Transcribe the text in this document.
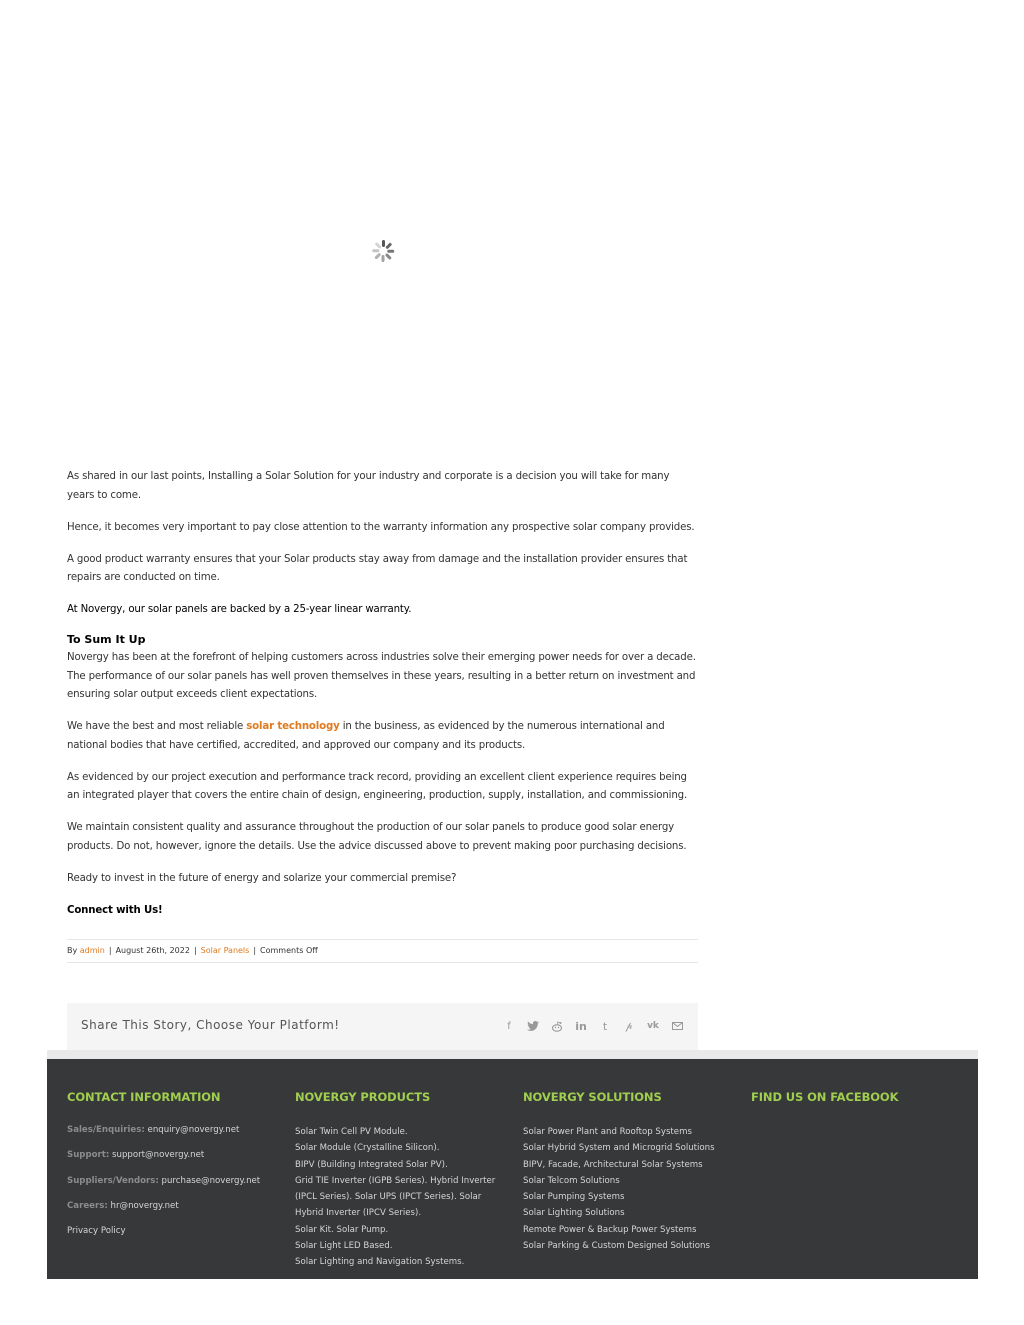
As shared in our last points, Installing a Solar Solution for your industry and corporate is a decision you will take for many years to come.

Hence, it becomes very important to pay close attention to the warranty information any prospective solar company provides.

A good product warranty ensures that your Solar products stay away from damage and the installation provider ensures that repairs are conducted on time.

At Novergy, our solar panels are backed by a 25-year linear warranty.

To Sum It Up

Novergy has been at the forefront of helping customers across industries solve their emerging power needs for over a decade. The performance of our solar panels has well proven themselves in these years, resulting in a better return on investment and ensuring solar output exceeds client expectations.

We have the best and most reliable solar technology in the business, as evidenced by the numerous international and national bodies that have certified, accredited, and approved our company and its products.

As evidenced by our project execution and performance track record, providing an excellent client experience requires being an integrated player that covers the entire chain of design, engineering, production, supply, installation, and commissioning.

We maintain consistent quality and assurance throughout the production of our solar panels to produce good solar energy products. Do not, however, ignore the details. Use the advice discussed above to prevent making poor purchasing decisions.

Ready to invest in the future of energy and solarize your commercial premise?

Connect with Us!

By admin | August 26th, 2022 | Solar Panels | Comments Off
Share This Story, Choose Your Platform!	f	in	t	𝓅	vk
CONTACT INFORMATION
Sales/Enquiries: enquiry@novergy.net
Support: support@novergy.net
Suppliers/Vendors: purchase@novergy.net
Careers: hr@novergy.net
Privacy Policy
NOVERGY PRODUCTS
Solar Twin Cell PV Module.
Solar Module (Crystalline Silicon).
BIPV (Building Integrated Solar PV).
Grid TIE Inverter (IGPB Series). Hybrid Inverter
(IPCL Series). Solar UPS (IPCT Series). Solar
Hybrid Inverter (IPCV Series).
Solar Kit. Solar Pump.
Solar Light LED Based.
Solar Lighting and Navigation Systems.
NOVERGY SOLUTIONS
Solar Power Plant and Rooftop Systems
Solar Hybrid System and Microgrid Solutions
BIPV, Facade, Architectural Solar Systems
Solar Telcom Solutions
Solar Pumping Systems
Solar Lighting Solutions
Remote Power & Backup Power Systems
Solar Parking & Custom Designed Solutions
FIND US ON FACEBOOK
